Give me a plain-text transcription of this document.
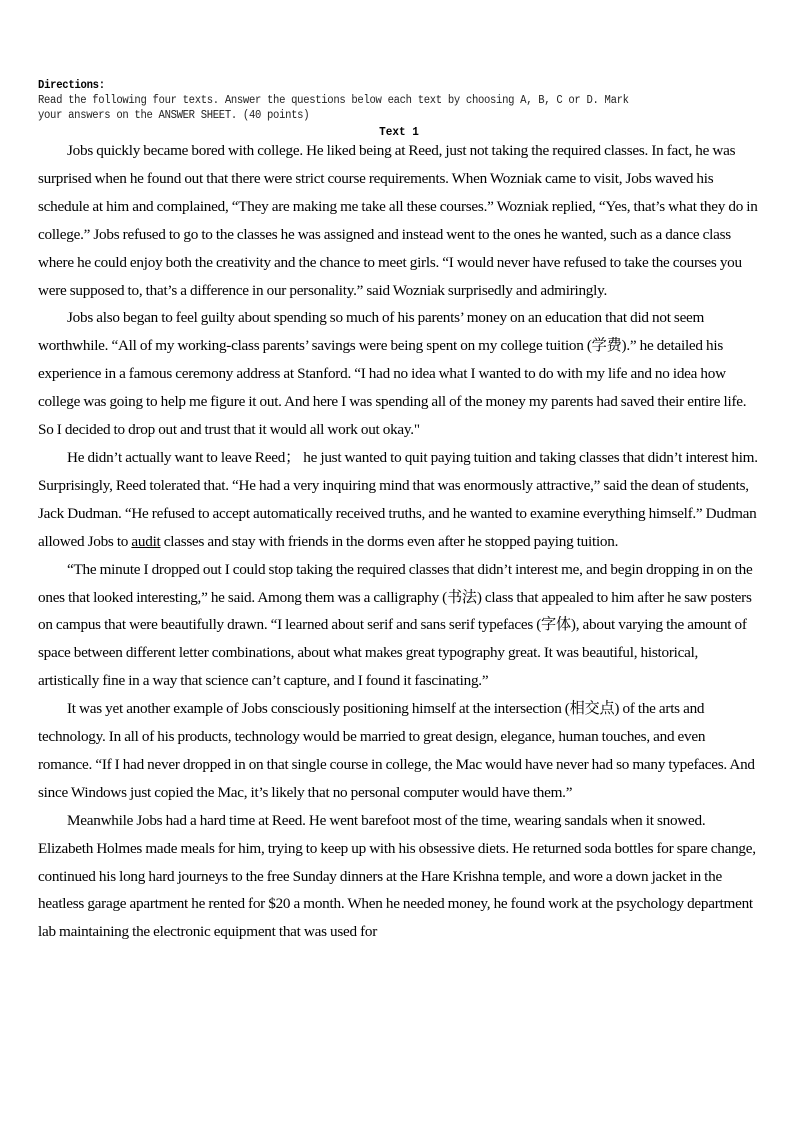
Directions:
Read the following four texts. Answer the questions below each text by choosing A, B, C or D. Mark
your answers on the ANSWER SHEET. (40 points)
Text 1

Jobs quickly became bored with college. He liked being at Reed, just not taking the required classes. In fact, he was surprised when he found out that there were strict course requirements. When Wozniak came to visit, Jobs waved his schedule at him and complained, “They are making me take all these courses.” Wozniak replied, “Yes, that’s what they do in college.” Jobs refused to go to the classes he was assigned and instead went to the ones he wanted, such as a dance class where he could enjoy both the creativity and the chance to meet girls. “I would never have refused to take the courses you were supposed to, that’s a difference in our personality.” said Wozniak surprisedly and admiringly.

Jobs also began to feel guilty about spending so much of his parents’ money on an education that did not seem worthwhile. “All of my working-class parents’ savings were being spent on my college tuition (学费).” he detailed his experience in a famous ceremony address at Stanford. “I had no idea what I wanted to do with my life and no idea how college was going to help me figure it out. And here I was spending all of the money my parents had saved their entire life. So I decided to drop out and trust that it would all work out okay."

He didn’t actually want to leave Reed； he just wanted to quit paying tuition and taking classes that didn’t interest him. Surprisingly, Reed tolerated that. “He had a very inquiring mind that was enormously attractive,” said the dean of students, Jack Dudman. “He refused to accept automatically received truths, and he wanted to examine everything himself.” Dudman allowed Jobs to audit classes and stay with friends in the dorms even after he stopped paying tuition.

“The minute I dropped out I could stop taking the required classes that didn’t interest me, and begin dropping in on the ones that looked interesting,” he said. Among them was a calligraphy (书法) class that appealed to him after he saw posters on campus that were beautifully drawn. “I learned about serif and sans serif typefaces (字体), about varying the amount of space between different letter combinations, about what makes great typography great. It was beautiful, historical, artistically fine in a way that science can’t capture, and I found it fascinating.”

It was yet another example of Jobs consciously positioning himself at the intersection (相交点) of the arts and technology. In all of his products, technology would be married to great design, elegance, human touches, and even romance. “If I had never dropped in on that single course in college, the Mac would have never had so many typefaces. And since Windows just copied the Mac, it’s likely that no personal computer would have them.”

Meanwhile Jobs had a hard time at Reed. He went barefoot most of the time, wearing sandals when it snowed. Elizabeth Holmes made meals for him, trying to keep up with his obsessive diets. He returned soda bottles for spare change, continued his long hard journeys to the free Sunday dinners at the Hare Krishna temple, and wore a down jacket in the heatless garage apartment he rented for $20 a month. When he needed money, he found work at the psychology department lab maintaining the electronic equipment that was used for
